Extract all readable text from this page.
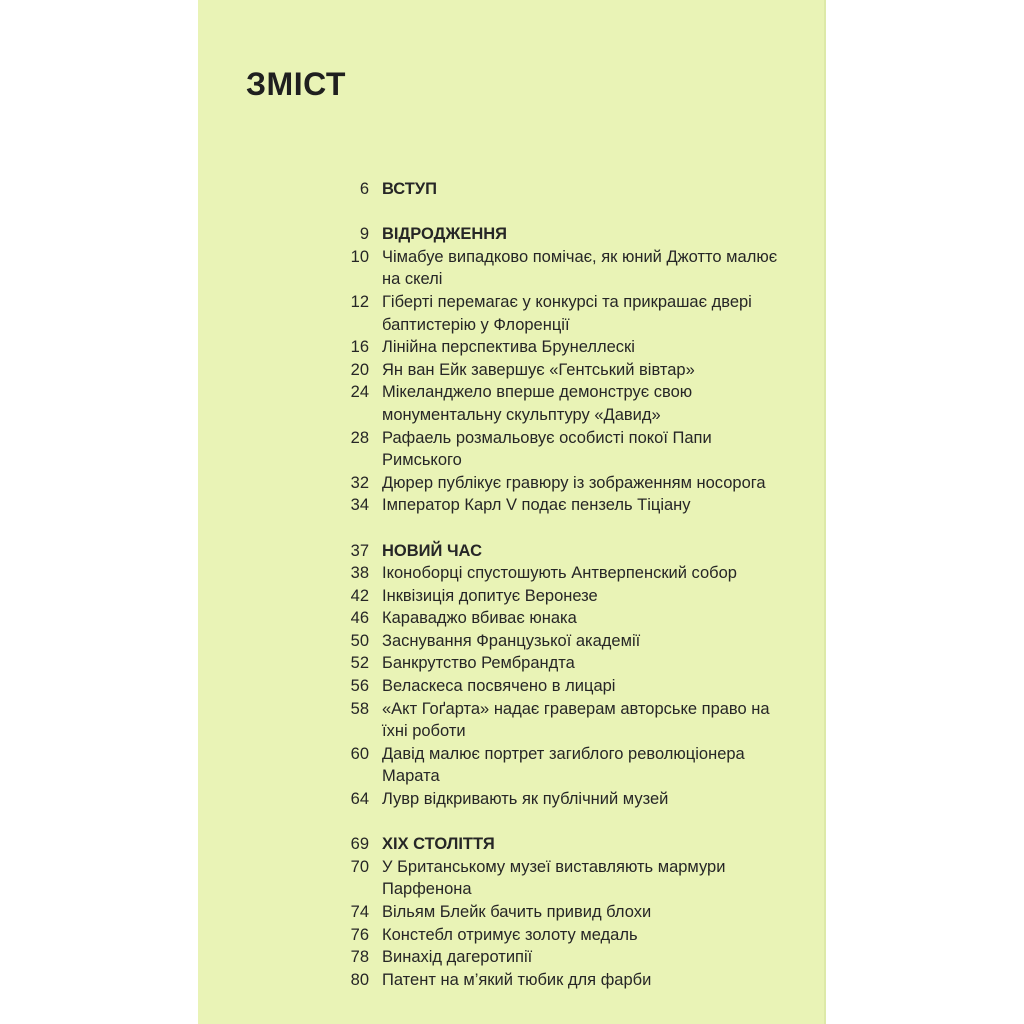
ЗМІСТ
6 ВСТУП
9 ВІДРОДЖЕННЯ
10 Чімабуе випадково помічає, як юний Джотто малює
на скелі
12 Гіберті перемагає у конкурсі та прикрашає двері
баптистерію у Флоренції
16 Лінійна перспектива Брунеллескі
20 Ян ван Ейк завершує «Гентський вівтар»
24 Мікеланджело вперше демонструє свою
монументальну скульптуру «Давид»
28 Рафаель розмальовує особисті покої Папи
Римського
32 Дюрер публікує гравюру із зображенням носорога
34 Імператор Карл V подає пензель Тіціану
37 НОВИЙ ЧАС
38 Іконоборці спустошують Антверпенский собор
42 Інквізиція допитує Веронезе
46 Караваджо вбиває юнака
50 Заснування Французької академії
52 Банкрутство Рембрандта
56 Веласкеса посвячено в лицарі
58 «Акт Гоґарта» надає граверам авторське право на
їхні роботи
60 Давід малює портрет загиблого революціонера
Марата
64 Лувр відкривають як публічний музей
69 ХІХ СТОЛІТТЯ
70 У Британському музеї виставляють мармури
Парфенона
74 Вільям Блейк бачить привид блохи
76 Констебл отримує золоту медаль
78 Винахід дагеротипії
80 Патент на м’який тюбик для фарби
